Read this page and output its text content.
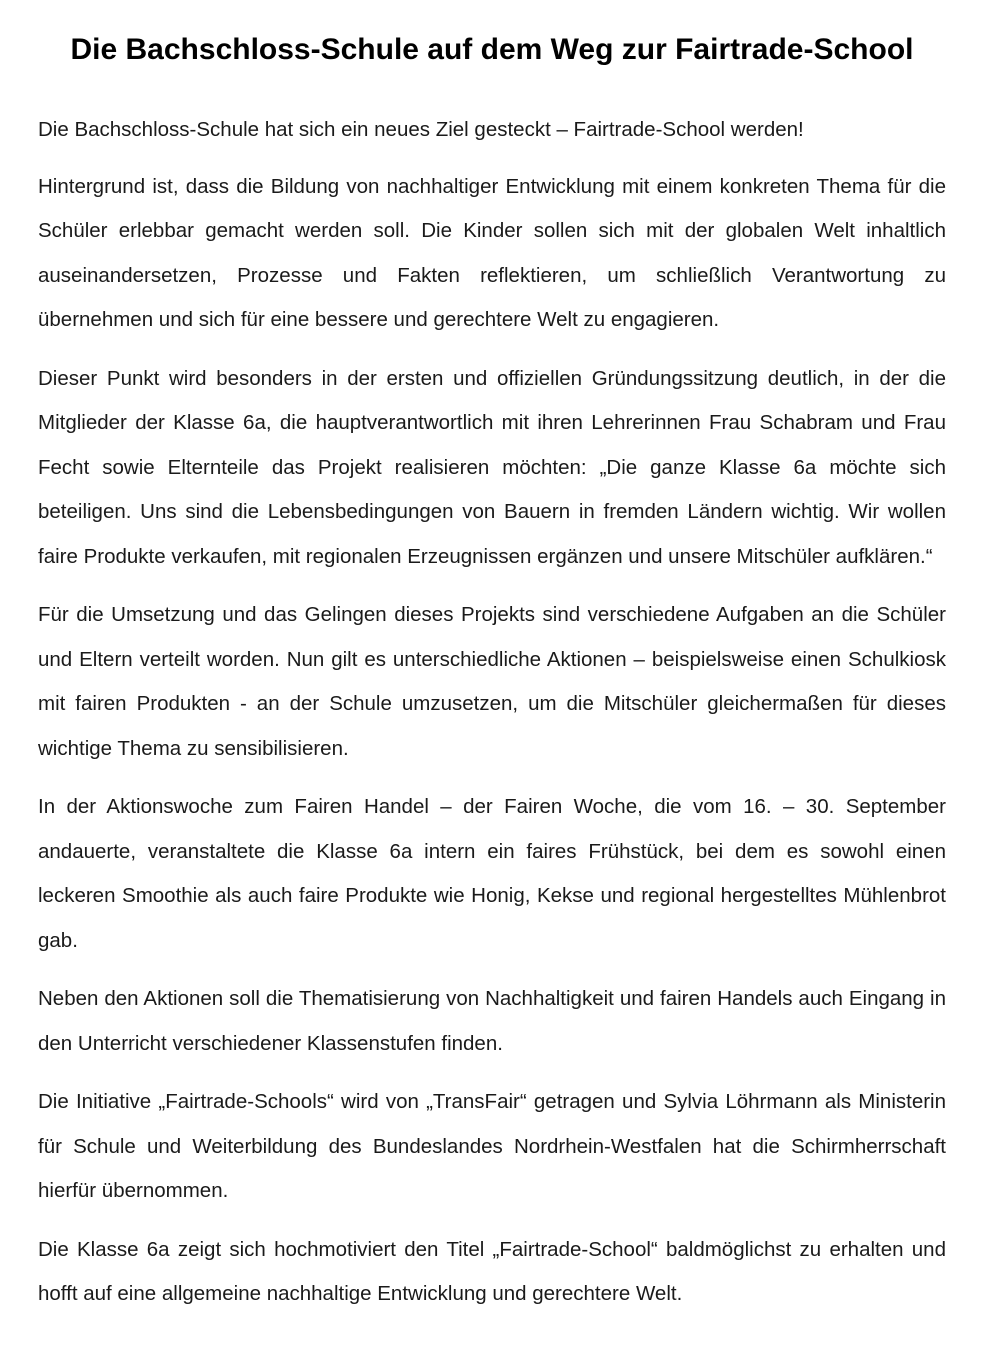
Die Bachschloss-Schule auf dem Weg zur Fairtrade-School

Die Bachschloss-Schule hat sich ein neues Ziel gesteckt – Fairtrade-School werden!

Hintergrund ist, dass die Bildung von nachhaltiger Entwicklung mit einem konkreten Thema für die Schüler erlebbar gemacht werden soll. Die Kinder sollen sich mit der globalen Welt inhaltlich auseinandersetzen, Prozesse und Fakten reflektieren, um schließlich Verantwortung zu übernehmen und sich für eine bessere und gerechtere Welt zu engagieren.

Dieser Punkt wird besonders in der ersten und offiziellen Gründungssitzung deutlich, in der die Mitglieder der Klasse 6a, die hauptverantwortlich mit ihren Lehrerinnen Frau Schabram und Frau Fecht sowie Elternteile das Projekt realisieren möchten: „Die ganze Klasse 6a möchte sich beteiligen. Uns sind die Lebensbedingungen von Bauern in fremden Ländern wichtig. Wir wollen faire Produkte verkaufen, mit regionalen Erzeugnissen ergänzen und unsere Mitschüler aufklären.“

Für die Umsetzung und das Gelingen dieses Projekts sind verschiedene Aufgaben an die Schüler und Eltern verteilt worden. Nun gilt es unterschiedliche Aktionen – beispielsweise einen Schulkiosk mit fairen Produkten - an der Schule umzusetzen, um die Mitschüler gleichermaßen für dieses wichtige Thema zu sensibilisieren.

In der Aktionswoche zum Fairen Handel – der Fairen Woche, die vom 16. – 30. September andauerte, veranstaltete die Klasse 6a intern ein faires Frühstück, bei dem es sowohl einen leckeren Smoothie als auch faire Produkte wie Honig, Kekse und regional hergestelltes Mühlenbrot gab.

Neben den Aktionen soll die Thematisierung von Nachhaltigkeit und fairen Handels auch Eingang in den Unterricht verschiedener Klassenstufen finden.

Die Initiative „Fairtrade-Schools“ wird von „TransFair“ getragen und Sylvia Löhrmann als Ministerin für Schule und Weiterbildung des Bundeslandes Nordrhein-Westfalen hat die Schirmherrschaft hierfür übernommen.

Die Klasse 6a zeigt sich hochmotiviert den Titel „Fairtrade-School“ baldmöglichst zu erhalten und hofft auf eine allgemeine nachhaltige Entwicklung und gerechtere Welt.
